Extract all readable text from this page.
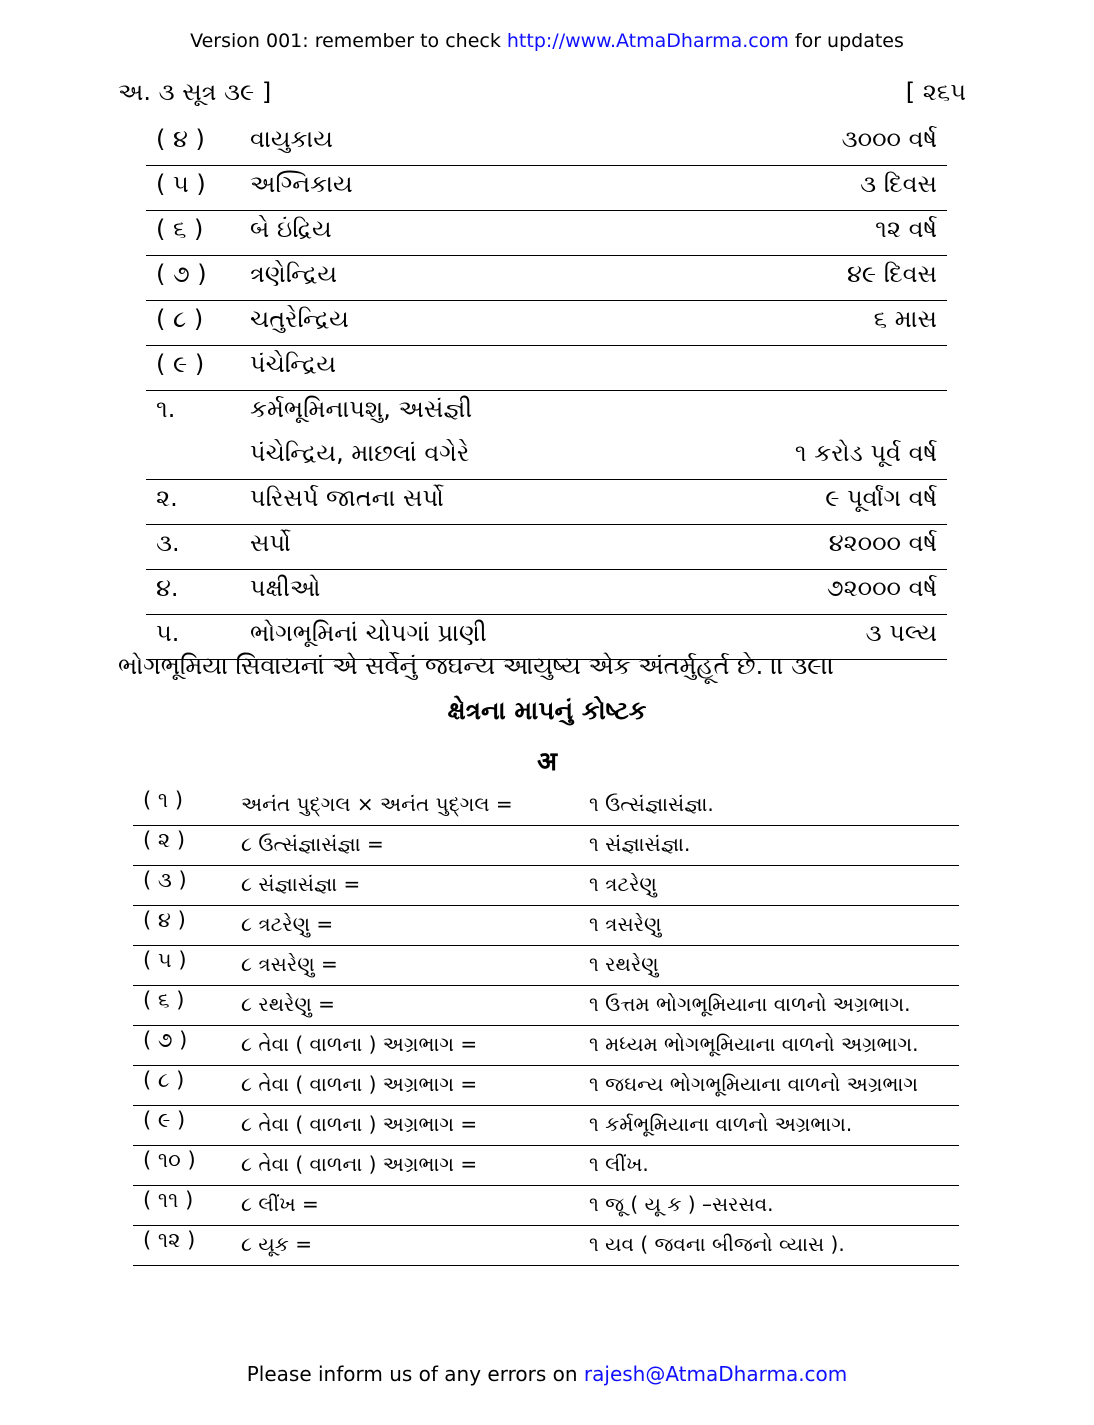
Version 001: remember to check http://www.AtmaDharma.com for updates
અ. ૩ સૂત્ર ૩૯ ]	[ ૨૬૫
( ૪ ) વાયુકાય	૩૦૦૦ વર્ષ
( ૫ ) અગ્નિકાય	૩ દિવસ
( ૬ ) બે ઇંદ્રિય	૧૨ વર્ષ
( ૭ ) ત્રણેન્દ્રિય	૪૯ દિવસ
( ૮ ) ચતુરેન્દ્રિય	૬ માસ
( ૯ ) પંચેન્દ્રિય
૧.	કર્મભૂમિનાપશુ, અસંજ્ઞી
પંચેન્દ્રિય, માછલાં વગેરે	૧ કરોડ પૂર્વ વર્ષ
૨.	પરિસર્પ જાતના સર્પો	૯ પૂર્વાંગ વર્ષ
૩.	સર્પો	૪૨૦૦૦ વર્ષ
૪.	પક્ષીઓ	૭૨૦૦૦ વર્ષ
૫.	ભોગભૂમિનાં ચોપગાં પ્રાણી	૩ પલ્ય
ભોગભૂમિયા સિવાયનાં એ સર્વેનું જઘન્ય આયુષ્ય એક અંતર્મુહૂર્ત છે. ।। ૩૯।।
ક્ષેત્રના માપનું કોષ્ટક
अ
( ૧ )	અનંત પુદ્ગલ × અનંત પુદ્ગલ =	૧ ઉત્સંજ્ઞાસંજ્ઞા.
( ૨ )	૮ ઉત્સંજ્ઞાસંજ્ઞા =	૧ સંજ્ઞાસંજ્ઞા.
( ૩ )	૮ સંજ્ઞાસંજ્ઞા =	૧ ત્રટરેણુ
( ૪ )	૮ ત્રટરેણુ =	૧ ત્રસરેણુ
( ૫ )	૮ ત્રસરેણુ =	૧ રથરેણુ
( ૬ )	૮ રથરેણુ =	૧ ઉત્તમ ભોગભૂમિયાના વાળનો અગ્રભાગ.
( ૭ )	૮ તેવા ( વાળના ) અગ્રભાગ =	૧ મધ્યમ ભોગભૂમિયાના વાળનો અગ્રભાગ.
( ૮ )	૮ તેવા ( વાળના ) અગ્રભાગ =	૧ જઘન્ય ભોગભૂમિયાના વાળનો અગ્રભાગ
( ૯ )	૮ તેવા ( વાળના ) અગ્રભાગ =	૧ કર્મભૂમિયાના વાળનો અગ્રભાગ.
( ૧૦ ) ૮ તેવા ( વાળના ) અગ્રભાગ =	૧ લીંખ.
( ૧૧ ) ૮ લીંખ =	૧ જૂ ( યૂ ક ) –સરસવ.
( ૧૨ ) ૮ યૂક =	૧ યવ ( જવના બીજનો વ્યાસ ).
Please inform us of any errors on rajesh@AtmaDharma.com
